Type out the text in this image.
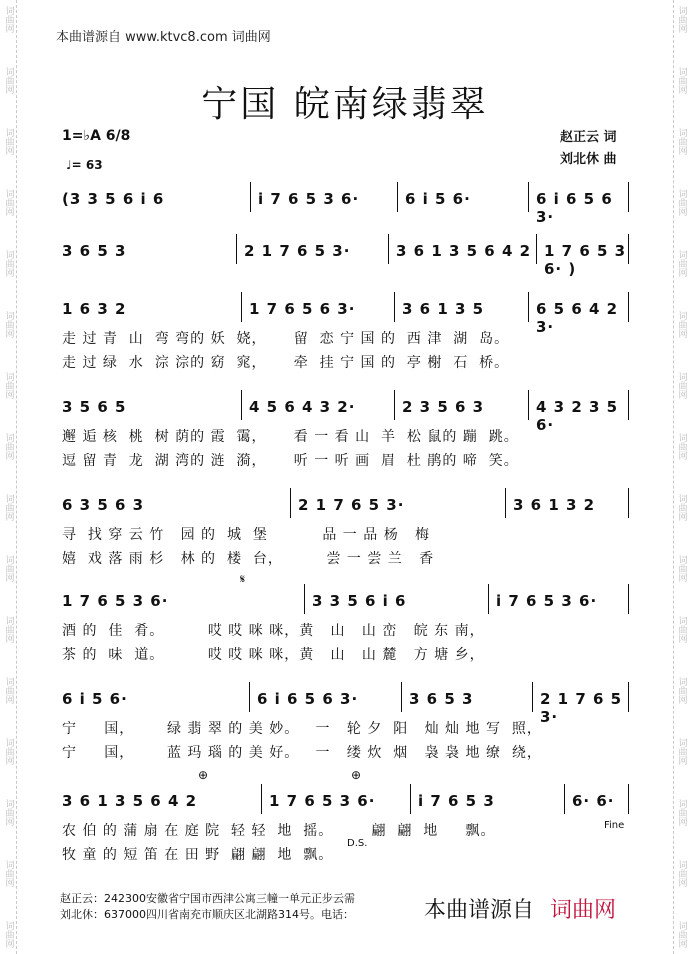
词曲网
词曲网
词曲网
词曲网
词曲网
词曲网
词曲网
词曲网
词曲网
词曲网
词曲网
词曲网
词曲网
词曲网
词曲网
词曲网
词曲网
词曲网
词曲网
词曲网
词曲网
词曲网
词曲网
词曲网
词曲网
词曲网
词曲网
词曲网
词曲网
词曲网
词曲网
词曲网
本曲谱源自 www.ktvc8.com 词曲网
宁国 皖南绿翡翠
1=♭A 6/8
♩= 63
赵正云 词
刘北休 曲
(3 3 5 6 i 6	i 7 6 5 3 6·	6 i 5 6·	6 i 6 5 6 3·
3 6 5 3	2 1 7 6 5 3·	3 6 1 3 5 6 4 2 1 7 6 5 3 6· )
1 6 3 2	1 7 6 5 6 3·	3 6 1 3 5	6 5 6 4 2 3·
走 过 青  山  弯 弯的 妖  娆，     留  恋 宁 国 的  西 津  湖  岛。
走 过 绿  水  淙 淙的 窈  窕，     牵  挂 宁 国 的  亭 榭  石  桥。
3 5 6 5	4 5 6 4 3 2·	2 3 5 6 3	4 3 2 3 5 6·
邂 逅 核  桃  树 荫的 霞  霭，     看 一 看 山  羊  松 鼠的 蹦  跳。
逗 留 青  龙  湖 湾的 涟  漪，     听 一 听 画  眉  杜 鹃的 啼  笑。
6 3 5 6 3	2 1 7 6 5 3·	3 6 1 3 2
寻  找 穿 云 竹   园 的  城  堡          品 一 品 杨   梅
嬉  戏 落 雨 杉   林 的  楼  台，        尝 一 尝 兰   香
1 7 6 5 3 6·	3 3 5 6 i 6	i 7 6 5 3 6·
酒 的  佳  肴。        哎 哎 咪 咪，黄   山   山 峦   皖 东 南，
茶 的  味  道。        哎 哎 咪 咪，黄   山   山 麓   方 塘 乡，
6 i 5 6·	6 i 6 5 6 3·	3 6 5 3	2 1 7 6 5 3·
宁     国，      绿 翡 翠 的 美 妙。   一   轮 夕  阳   灿 灿 地 写  照，
宁     国，      蓝 玛 瑙 的 美 好。   一   缕 炊  烟   袅 袅 地 缭  绕，
3 6 1 3 5 6 4 2	1 7 6 5 3 6·	i 7 6 5 3	6· 6·
农 伯 的 蒲 扇 在 庭 院  轻 轻  地  摇。       翩  翩  地     飘。
牧 童 的 短 笛 在 田 野  翩 翩  地  飘。
𝄋
⊕	⊕
Fine
D.S.
赵正云：242300安徽省宁国市西津公寓三幢一单元正步云需
刘北休：637000四川省南充市顺庆区北湖路314号。电话：	本曲谱源自 词曲网
